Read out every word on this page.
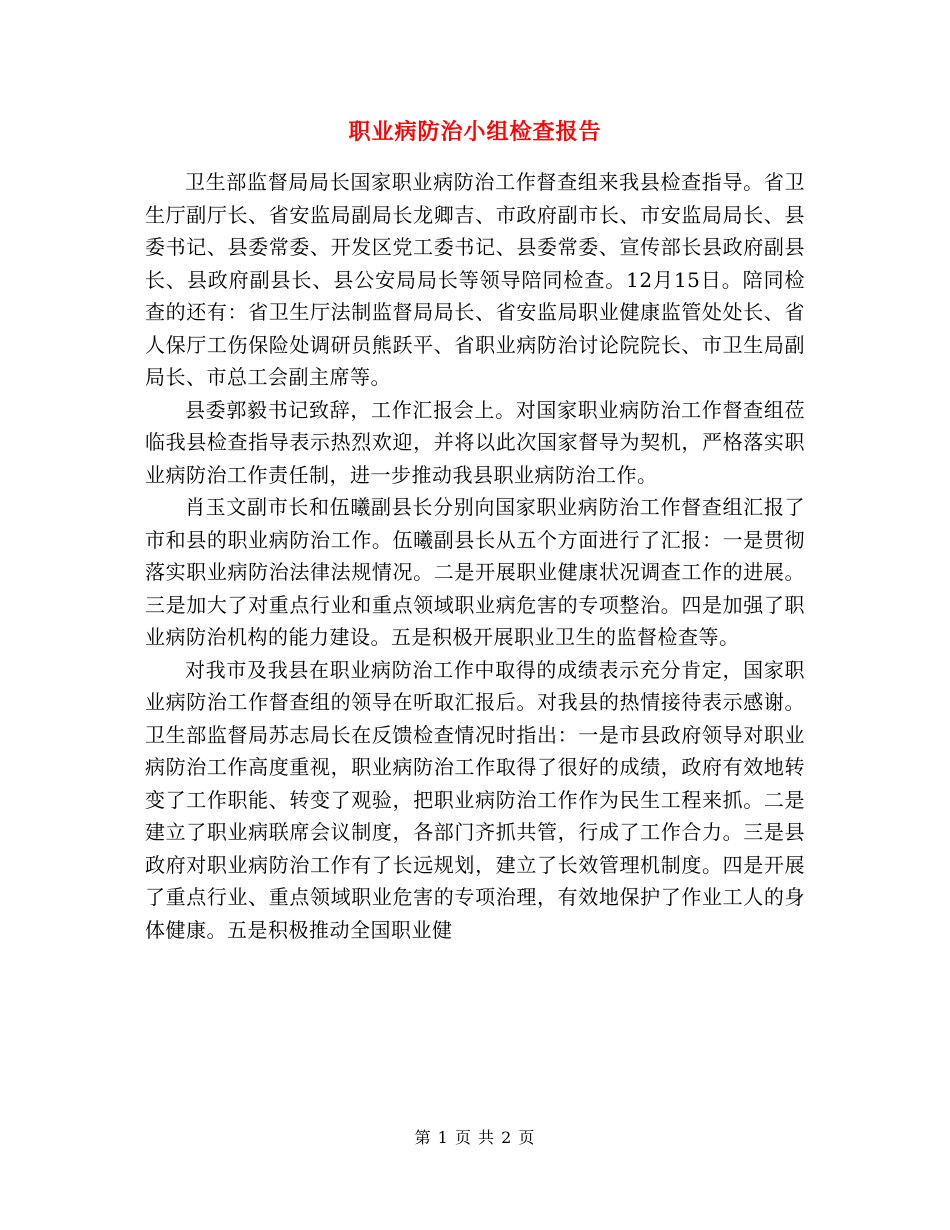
职业病防治小组检查报告

卫生部监督局局长国家职业病防治工作督查组来我县检查指导。省卫生厅副厅长、省安监局副局长龙卿吉、市政府副市长、市安监局局长、县委书记、县委常委、开发区党工委书记、县委常委、宣传部长县政府副县长、县政府副县长、县公安局局长等领导陪同检查。12月15日。陪同检查的还有：省卫生厅法制监督局局长、省安监局职业健康监管处处长、省人保厅工伤保险处调研员熊跃平、省职业病防治讨论院院长、市卫生局副局长、市总工会副主席等。

县委郭毅书记致辞，工作汇报会上。对国家职业病防治工作督查组莅临我县检查指导表示热烈欢迎，并将以此次国家督导为契机，严格落实职业病防治工作责任制，进一步推动我县职业病防治工作。

肖玉文副市长和伍曦副县长分别向国家职业病防治工作督查组汇报了市和县的职业病防治工作。伍曦副县长从五个方面进行了汇报：一是贯彻落实职业病防治法律法规情况。二是开展职业健康状况调查工作的进展。三是加大了对重点行业和重点领域职业病危害的专项整治。四是加强了职业病防治机构的能力建设。五是积极开展职业卫生的监督检查等。

对我市及我县在职业病防治工作中取得的成绩表示充分肯定，国家职业病防治工作督查组的领导在听取汇报后。对我县的热情接待表示感谢。卫生部监督局苏志局长在反馈检查情况时指出：一是市县政府领导对职业病防治工作高度重视，职业病防治工作取得了很好的成绩，政府有效地转变了工作职能、转变了观验，把职业病防治工作作为民生工程来抓。二是建立了职业病联席会议制度，各部门齐抓共管，行成了工作合力。三是县政府对职业病防治工作有了长远规划，建立了长效管理机制度。四是开展了重点行业、重点领域职业危害的专项治理，有效地保护了作业工人的身体健康。五是积极推动全国职业健

第 1 页 共 2 页
